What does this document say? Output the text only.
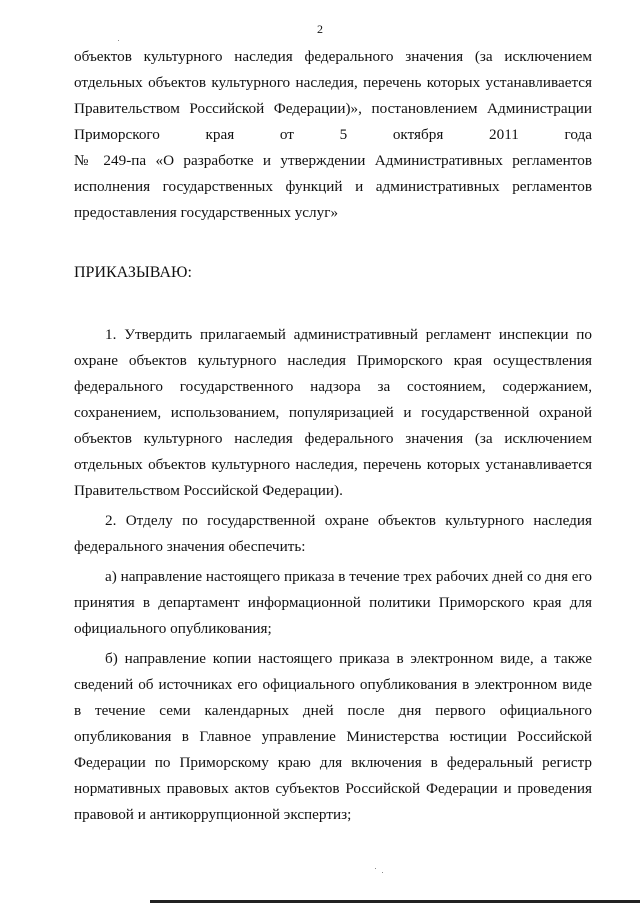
2
объектов культурного наследия федерального значения (за исключением
отдельных объектов культурного наследия, перечень которых устанавливается
Правительством Российской Федерации)», постановлением Администрации
Приморского	края	от	5	октября	2011	года
№ 249-па «О разработке и утверждении Административных регламентов
исполнения государственных функций и административных регламентов
предоставления государственных услуг»
ПРИКАЗЫВАЮ:

1. Утвердить прилагаемый административный регламент инспекции по охране объектов культурного наследия Приморского края осуществления федерального государственного надзора за состоянием, содержанием, сохранением, использованием, популяризацией и государственной охраной объектов культурного наследия федерального значения (за исключением отдельных объектов культурного наследия, перечень которых устанавливается Правительством Российской Федерации).

2. Отделу по государственной охране объектов культурного наследия федерального значения обеспечить:

а) направление настоящего приказа в течение трех рабочих дней со дня его принятия в департамент информационной политики Приморского края для официального опубликования;

б) направление копии настоящего приказа в электронном виде, а также сведений об источниках его официального опубликования в электронном виде в течение семи календарных дней после дня первого официального опубликования в Главное управление Министерства юстиции Российской Федерации по Приморскому краю для включения в федеральный регистр нормативных правовых актов субъектов Российской Федерации и проведения правовой и антикоррупционной экспертиз;
